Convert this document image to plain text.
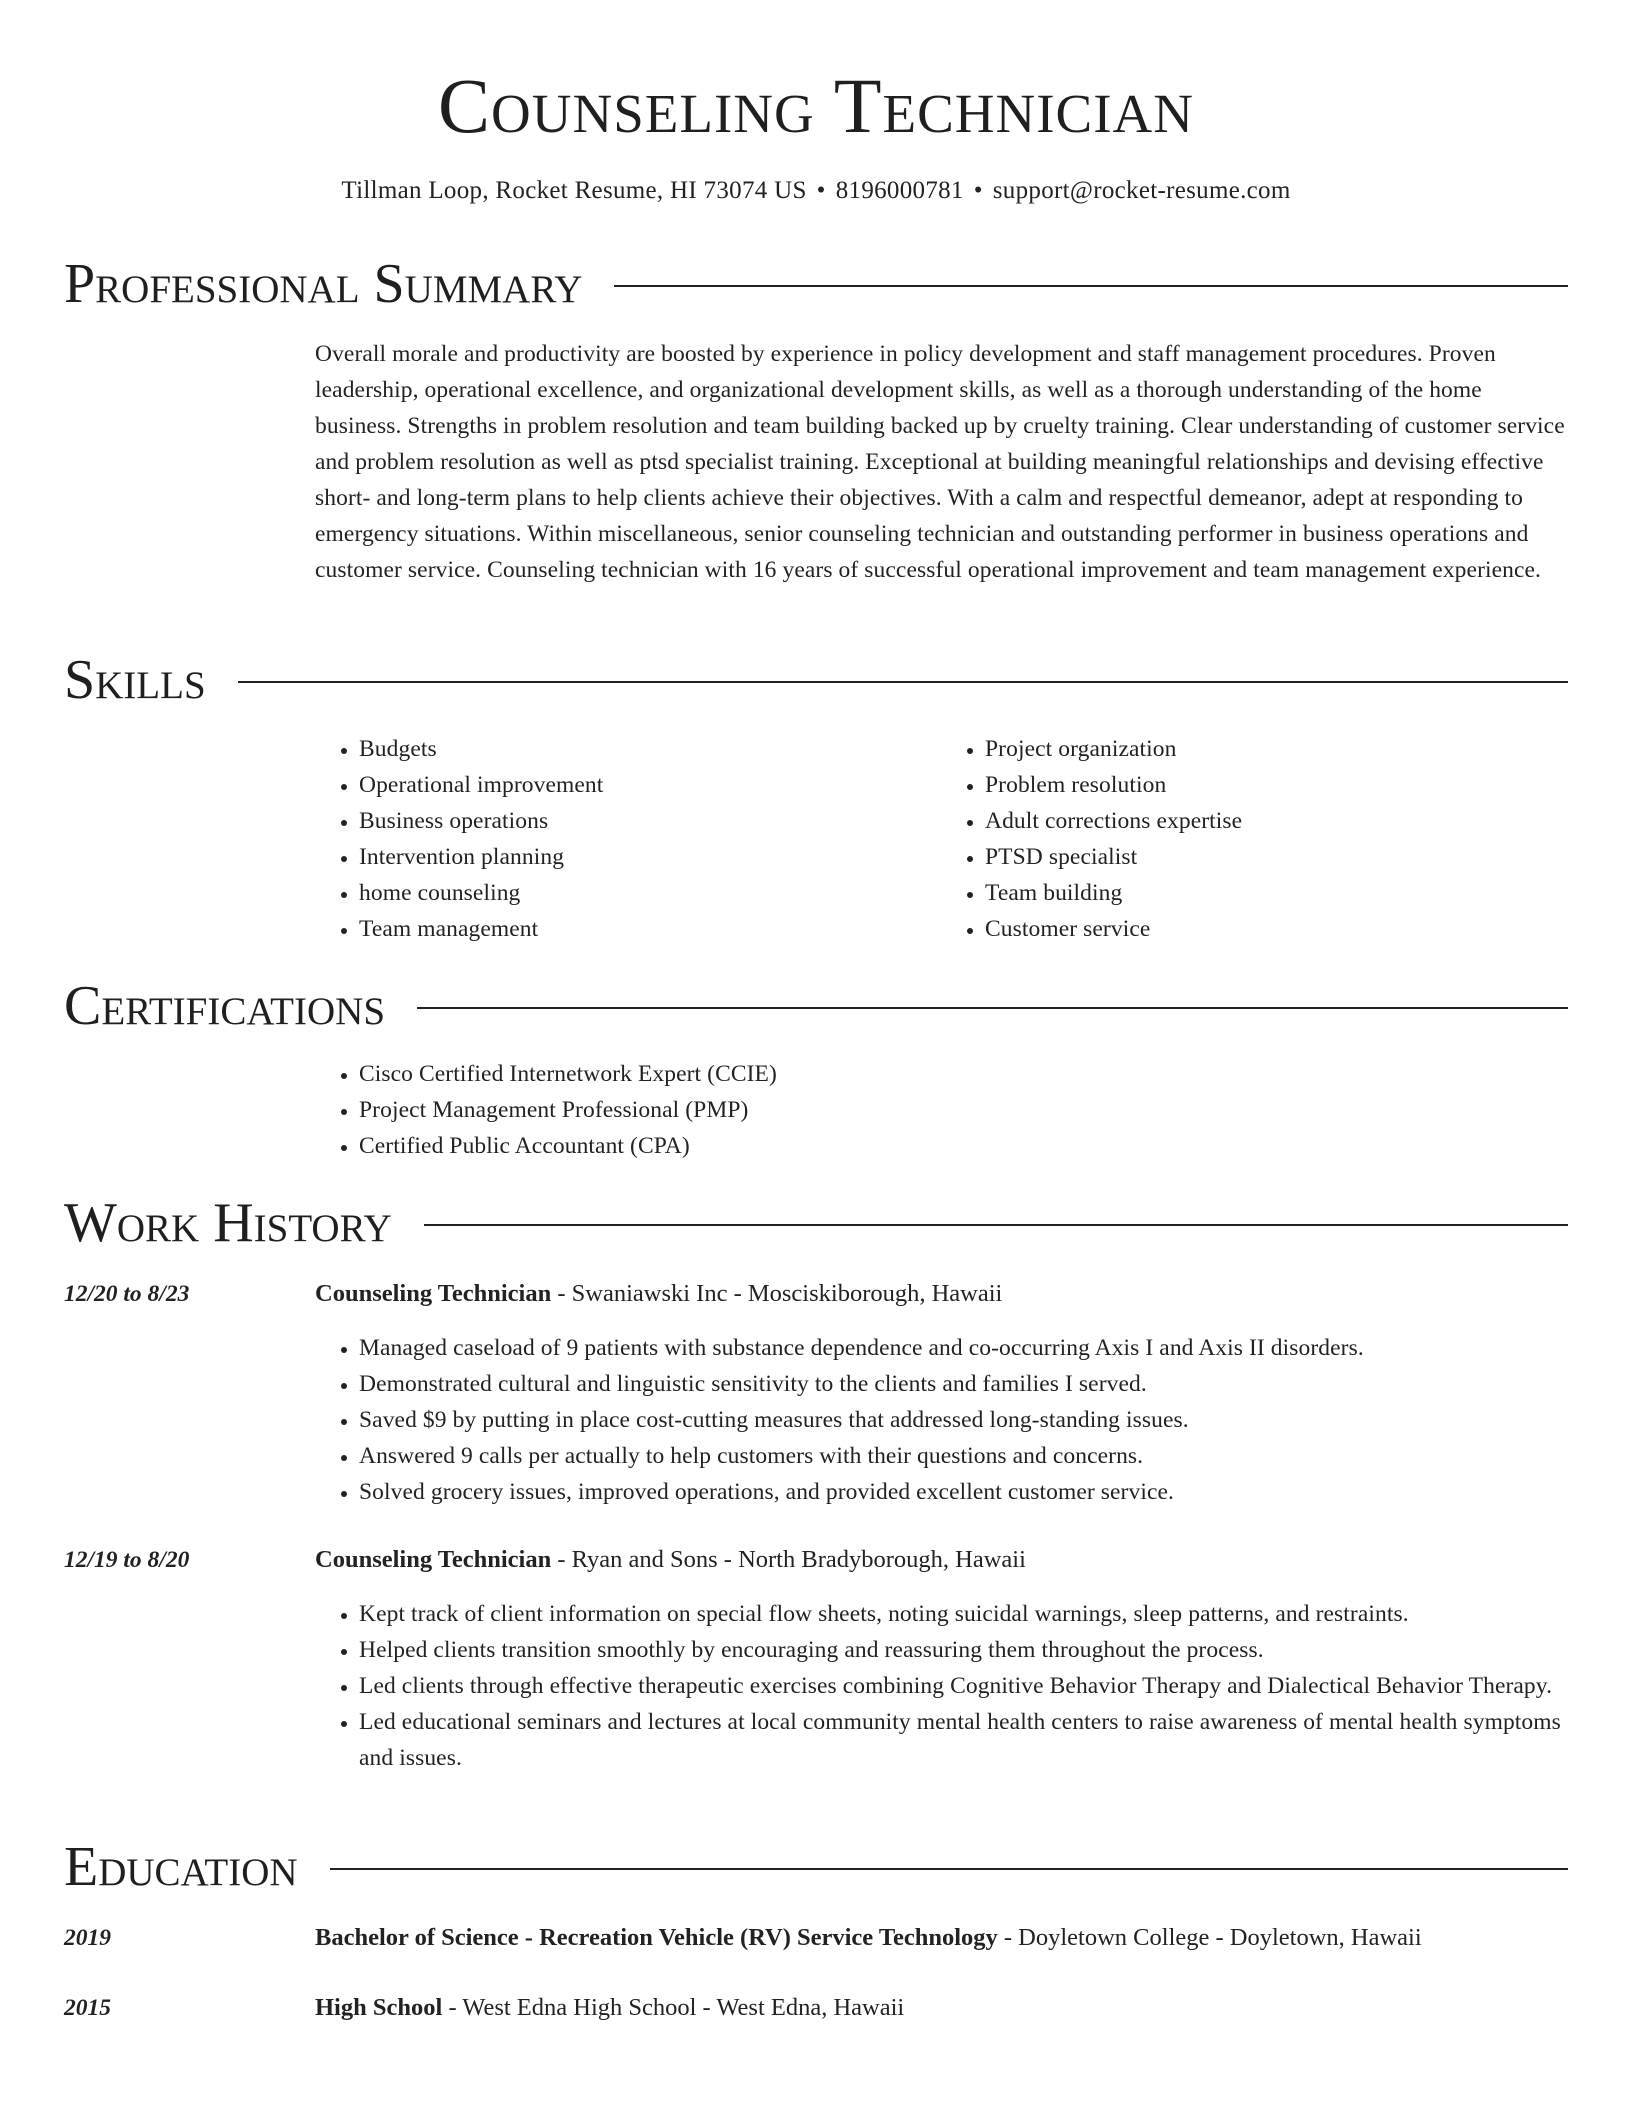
Counseling Technician
Tillman Loop, Rocket Resume, HI 73074 US • 8196000781 • support@rocket-resume.com
Professional Summary

Overall morale and productivity are boosted by experience in policy development and staff management procedures. Proven leadership, operational excellence, and organizational development skills, as well as a thorough understanding of the home business. Strengths in problem resolution and team building backed up by cruelty training. Clear understanding of customer service and problem resolution as well as ptsd specialist training. Exceptional at building meaningful relationships and devising effective short- and long-term plans to help clients achieve their objectives. With a calm and respectful demeanor, adept at responding to emergency situations. Within miscellaneous, senior counseling technician and outstanding performer in business operations and customer service. Counseling technician with 16 years of successful operational improvement and team management experience.

Skills
• Budgets
• Operational improvement
• Business operations
• Intervention planning
• home counseling
• Team management
• Project organization
• Problem resolution
• Adult corrections expertise
• PTSD specialist
• Team building
• Customer service
Certifications
• Cisco Certified Internetwork Expert (CCIE)
• Project Management Professional (PMP)
• Certified Public Accountant (CPA)
Work History
12/20 to 8/23	Counseling Technician - Swaniawski Inc - Mosciskiborough, Hawaii
• Managed caseload of 9 patients with substance dependence and co-occurring Axis I and Axis II disorders.
• Demonstrated cultural and linguistic sensitivity to the clients and families I served.
• Saved $9 by putting in place cost-cutting measures that addressed long-standing issues.
• Answered 9 calls per actually to help customers with their questions and concerns.
• Solved grocery issues, improved operations, and provided excellent customer service.
12/19 to 8/20	Counseling Technician - Ryan and Sons - North Bradyborough, Hawaii
• Kept track of client information on special flow sheets, noting suicidal warnings, sleep patterns, and restraints.
• Helped clients transition smoothly by encouraging and reassuring them throughout the process.
• Led clients through effective therapeutic exercises combining Cognitive Behavior Therapy and Dialectical Behavior Therapy.
• Led educational seminars and lectures at local community mental health centers to raise awareness of mental health symptoms and issues.
Education
2019	Bachelor of Science - Recreation Vehicle (RV) Service Technology - Doyletown College - Doyletown, Hawaii
2015	High School - West Edna High School - West Edna, Hawaii
